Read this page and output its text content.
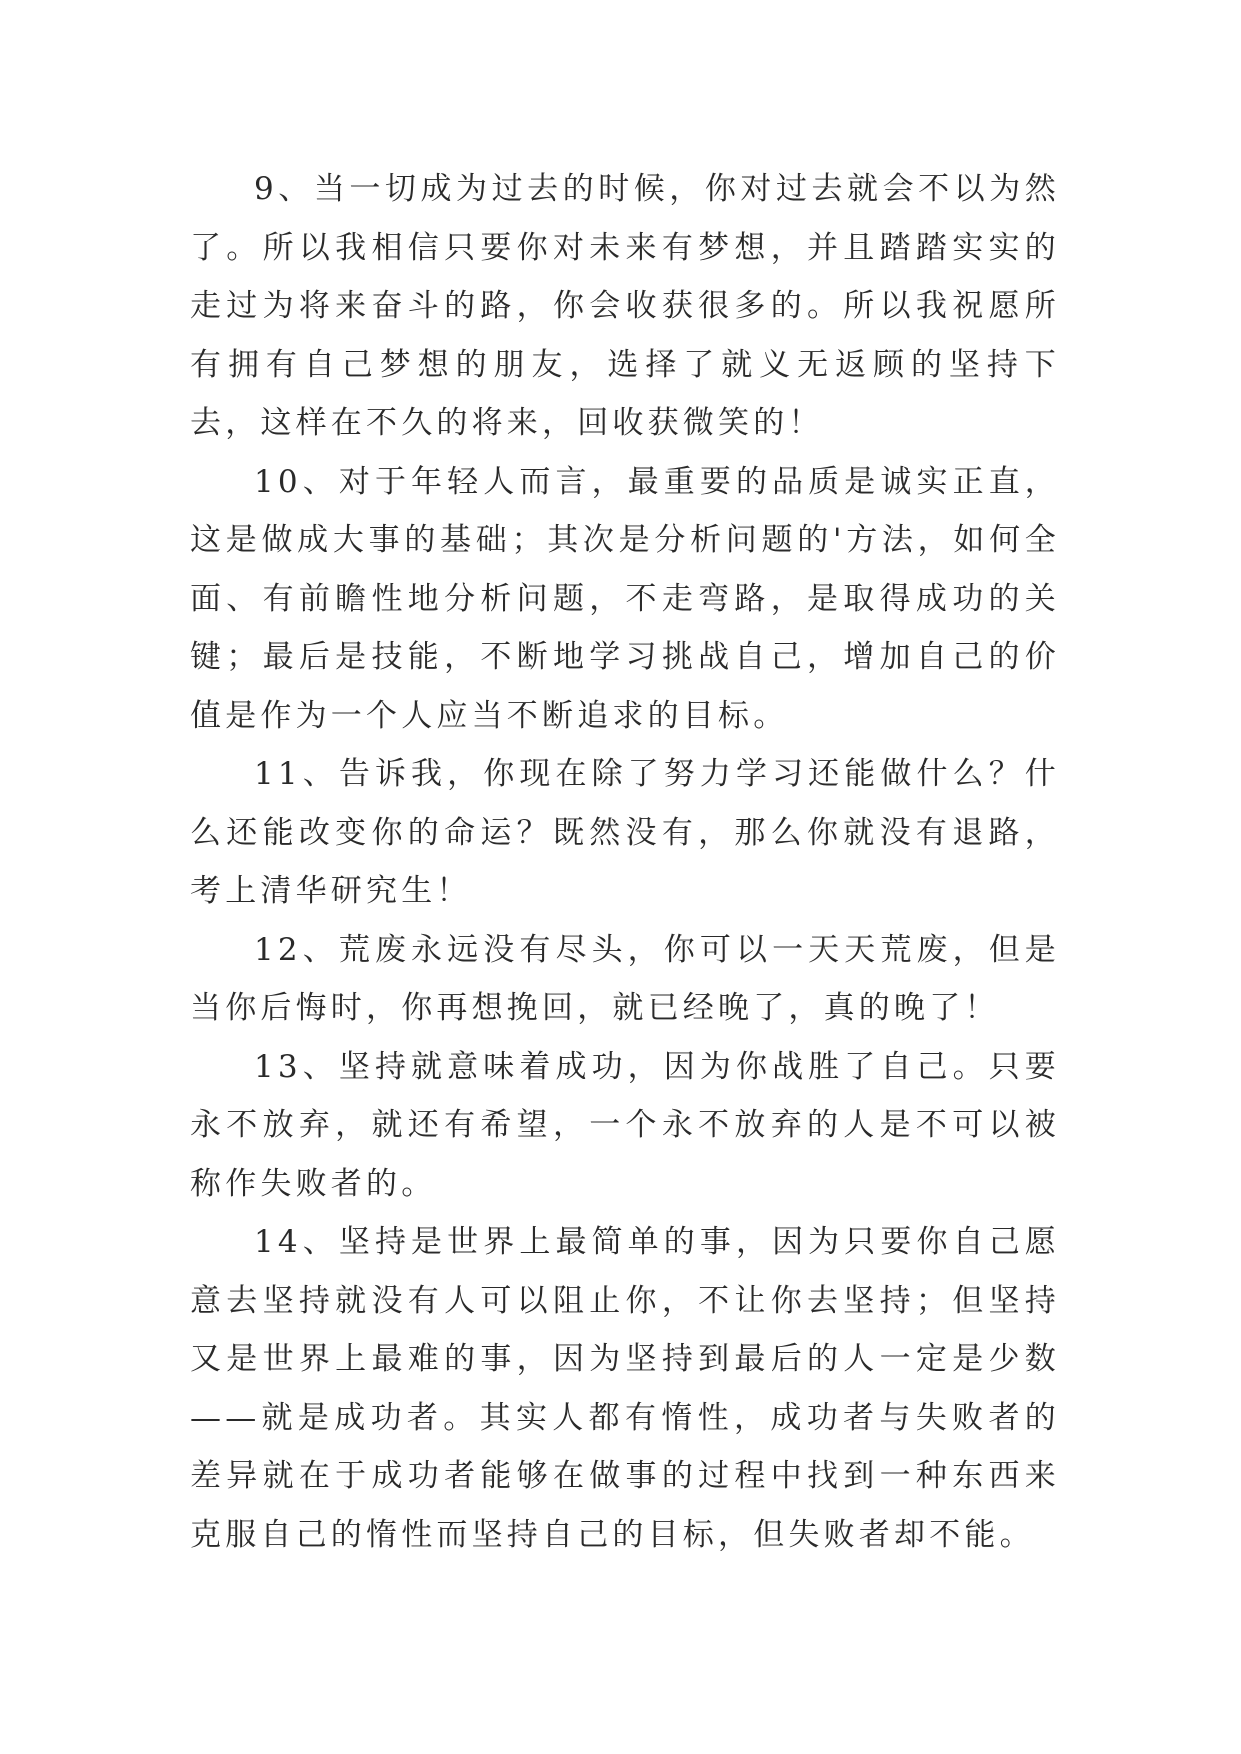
9、当一切成为过去的时候，你对过去就会不以为然了。所以我相信只要你对未来有梦想，并且踏踏实实的走过为将来奋斗的路，你会收获很多的。所以我祝愿所有拥有自己梦想的朋友，选择了就义无返顾的坚持下去，这样在不久的将来，回收获微笑的！

10、对于年轻人而言，最重要的品质是诚实正直，这是做成大事的基础；其次是分析问题的'方法，如何全面、有前瞻性地分析问题，不走弯路，是取得成功的关键；最后是技能，不断地学习挑战自己，增加自己的价值是作为一个人应当不断追求的目标。

11、告诉我，你现在除了努力学习还能做什么？什么还能改变你的命运？既然没有，那么你就没有退路，考上清华研究生！

12、荒废永远没有尽头，你可以一天天荒废，但是当你后悔时，你再想挽回，就已经晚了，真的晚了！

13、坚持就意味着成功，因为你战胜了自己。只要永不放弃，就还有希望，一个永不放弃的人是不可以被称作失败者的。

14、坚持是世界上最简单的事，因为只要你自己愿意去坚持就没有人可以阻止你，不让你去坚持；但坚持又是世界上最难的事，因为坚持到最后的人一定是少数——就是成功者。其实人都有惰性，成功者与失败者的差异就在于成功者能够在做事的过程中找到一种东西来克服自己的惰性而坚持自己的目标，但失败者却不能。
